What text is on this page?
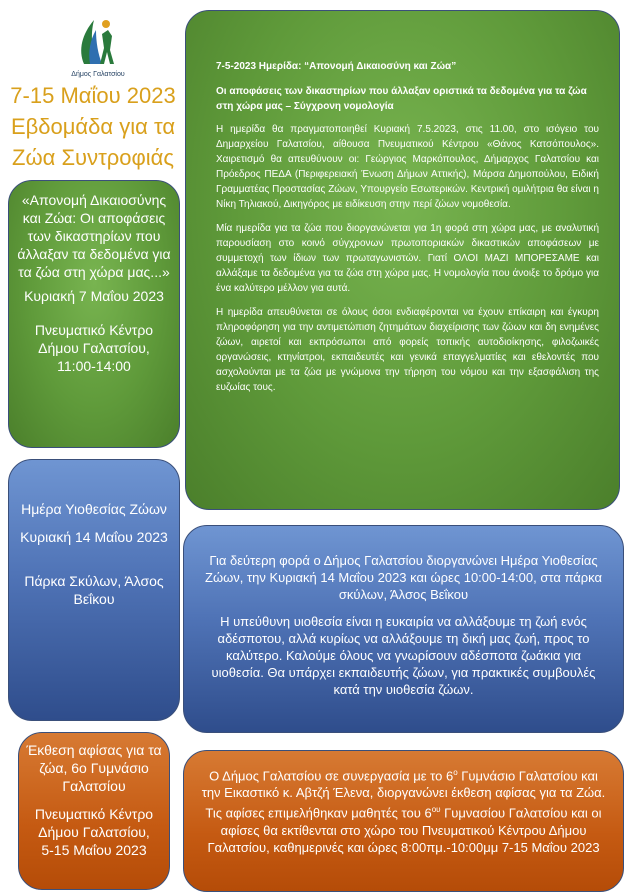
Δήμος Γαλατσίου
7-15 Μαΐου 2023
Εβδομάδα για τα
Ζώα Συντροφιάς

«Απονομή Δικαιοσύνης και Ζώα: Οι αποφάσεις των δικαστηρίων που άλλαξαν τα δεδομένα για τα ζώα στη χώρα μας...»

Κυριακή 7 Μαΐου 2023

Πνευματικό Κέντρο Δήμου Γαλατσίου,

11:00-14:00

Ημέρα Υιοθεσίας Ζώων

Κυριακή 14 Μαΐου 2023

Πάρκα Σκύλων, Άλσος Βεΐκου

Έκθεση αφίσας για τα ζώα, 6ο Γυμνάσιο Γαλατσίου

Πνευματικό Κέντρο Δήμου Γαλατσίου,

5-15 Μαΐου 2023

7-5-2023 Ημερίδα: “Απονομή Δικαιοσύνη και Ζώα”
Οι αποφάσεις των δικαστηρίων που άλλαξαν οριστικά τα δεδομένα για τα ζώα στη χώρα μας – Σύγχρονη νομολογία
Η ημερίδα θα πραγματοποιηθεί Κυριακή 7.5.2023, στις 11.00, στο ισόγειο του Δημαρχείου Γαλατσίου, αίθουσα Πνευματικού Κέντρου «Θάνος Κατσόπουλος». Χαιρετισμό θα απευθύνουν οι: Γεώργιος Μαρκόπουλος, Δήμαρχος Γαλατσίου και Πρόεδρος ΠΕΔΑ (Περιφερειακή Ένωση Δήμων Αττικής), Μάρσα Δημοπούλου, Ειδική Γραμματέας Προστασίας Ζώων, Υπουργείο Εσωτερικών. Κεντρική ομιλήτρια θα είναι η Νίκη Τηλιακού, Δικηγόρος με ειδίκευση στην περί ζώων νομοθεσία.
Μία ημερίδα για τα ζώα που διοργανώνεται για 1η φορά στη χώρα μας, με αναλυτική παρουσίαση στο κοινό σύγχρονων πρωτοποριακών δικαστικών αποφάσεων με συμμετοχή των ίδιων των πρωταγωνιστών. Γιατί ΟΛΟΙ ΜΑΖΙ ΜΠΟΡΕΣΑΜΕ και αλλάξαμε τα δεδομένα για τα ζώα στη χώρα μας. Η νομολογία που άνοιξε το δρόμο για ένα καλύτερο μέλλον για αυτά.
Η ημερίδα απευθύνεται σε όλους όσοι ενδιαφέρονται να έχουν επίκαιρη και έγκυρη πληροφόρηση για την αντιμετώπιση ζητημάτων διαχείρισης των ζώων και δη ενημένες ζώων, αιρετοί και εκπρόσωποι από φορείς τοπικής αυτοδιοίκησης, φιλοζωικές οργανώσεις, κτηνίατροι, εκπαιδευτές και γενικά επαγγελματίες και εθελοντές που ασχολούνται με τα ζώα με γνώμονα την τήρηση του νόμου και την εξασφάλιση της ευζωίας τους.
Για δεύτερη φορά ο Δήμος Γαλατσίου διοργανώνει Ημέρα Υιοθεσίας Ζώων, την Κυριακή 14 Μαΐου 2023 και ώρες 10:00-14:00, στα πάρκα σκύλων, Άλσος Βεΐκου
Η υπεύθυνη υιοθεσία είναι η ευκαιρία να αλλάξουμε τη ζωή ενός αδέσποτου, αλλά κυρίως να αλλάξουμε τη δική μας ζωή, προς το καλύτερο. Καλούμε όλους να γνωρίσουν αδέσποτα ζωάκια για υιοθεσία. Θα υπάρχει εκπαιδευτής ζώων, για πρακτικές συμβουλές κατά την υιοθεσία ζώων.
Ο Δήμος Γαλατσίου σε συνεργασία με το $6^o$ Γυμνάσιο Γαλατσίου και την Εικαστικό κ. Αβτζή Έλενα, διοργανώνει έκθεση αφίσας για τα Ζώα. Τις αφίσες επιμελήθηκαν μαθητές του $6^{o\upsilon}$ Γυμνασίου Γαλατσίου και οι αφίσες θα εκτίθενται στο χώρο του Πνευματικού Κέντρου Δήμου Γαλατσίου, καθημερινές και ώρες 8:00πμ.-10:00μμ 7-15 Μαΐου 2023
